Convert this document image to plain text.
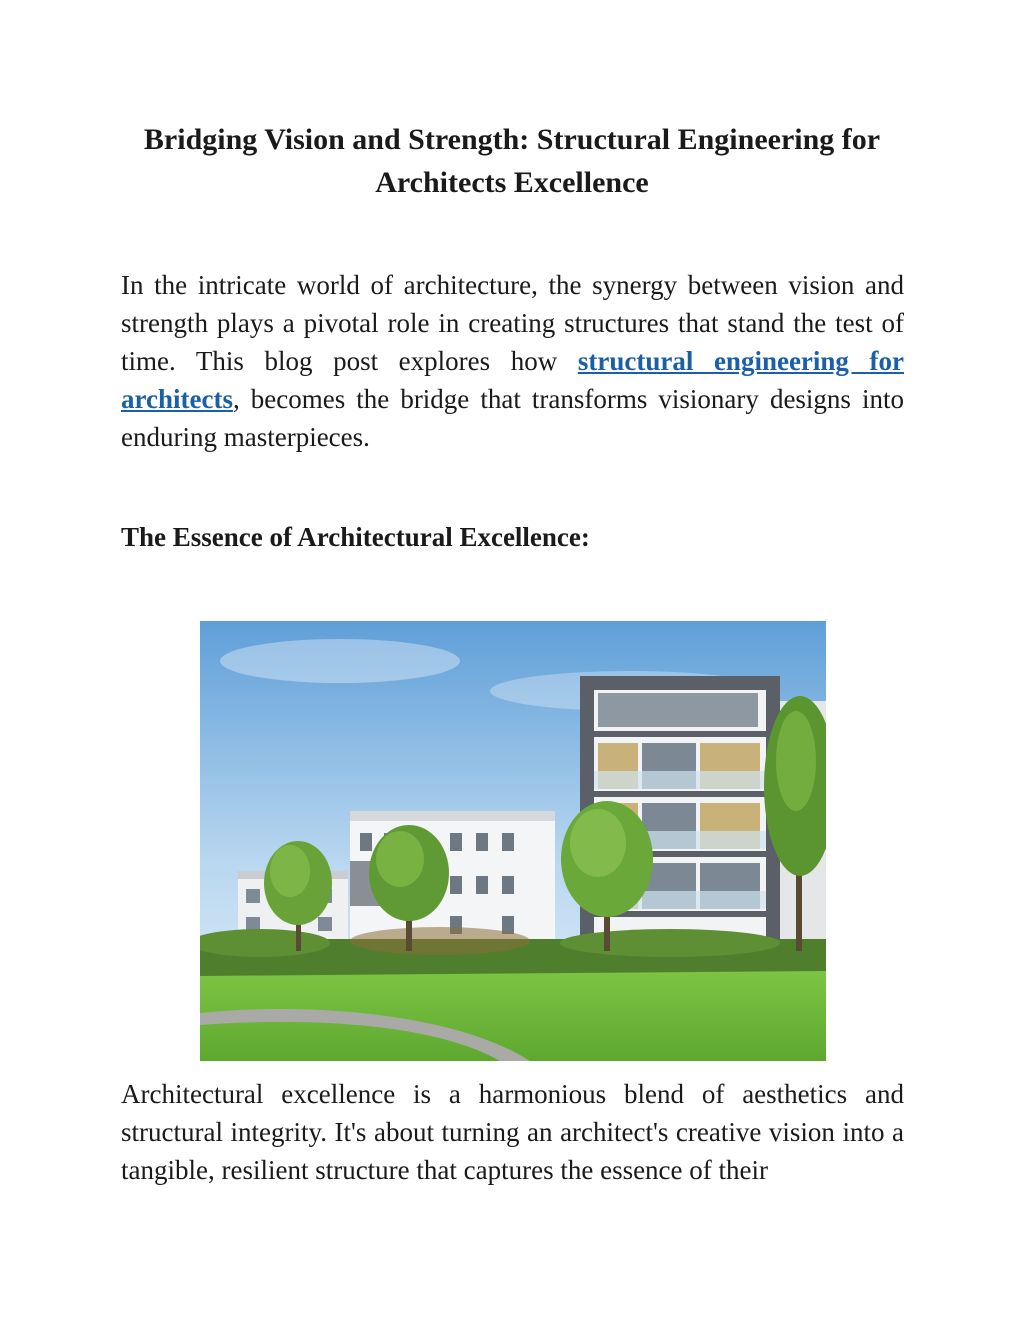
Bridging Vision and Strength: Structural Engineering for Architects Excellence

In the intricate world of architecture, the synergy between vision and strength plays a pivotal role in creating structures that stand the test of time. This blog post explores how structural engineering for architects, becomes the bridge that transforms visionary designs into enduring masterpieces.

The Essence of Architectural Excellence:

Architectural excellence is a harmonious blend of aesthetics and structural integrity. It's about turning an architect's creative vision into a tangible, resilient structure that captures the essence of their
